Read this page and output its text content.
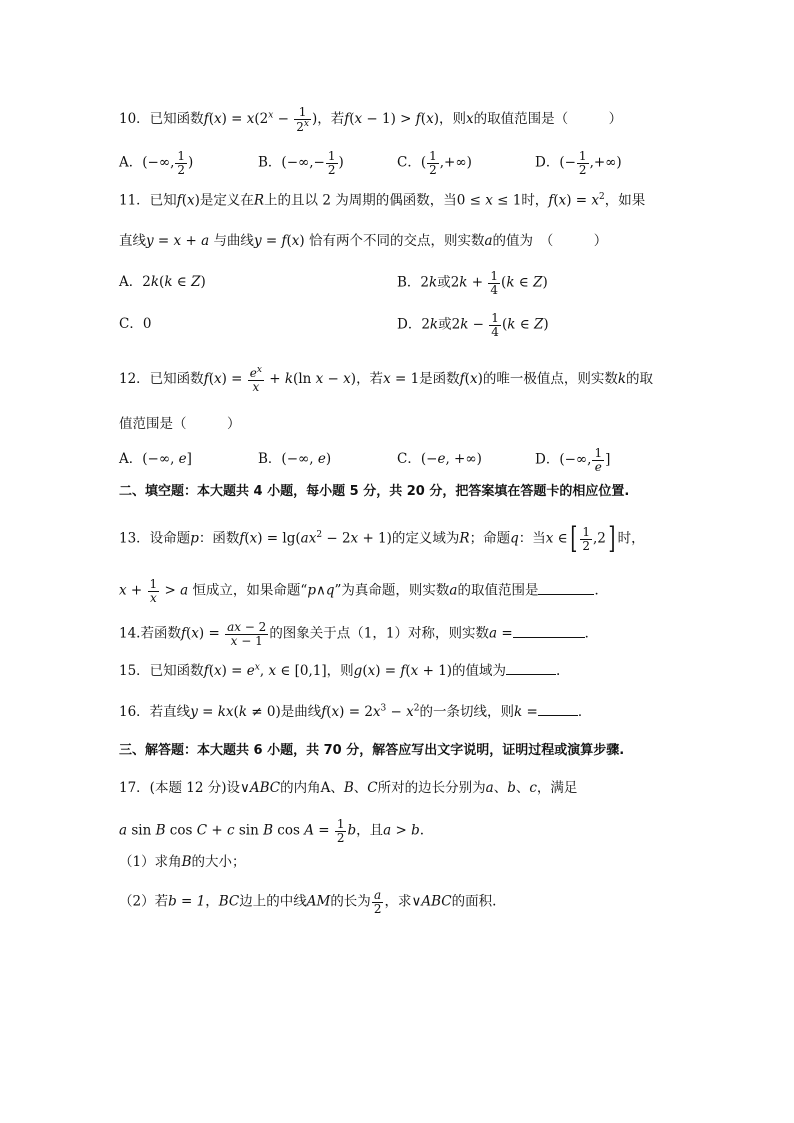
10．已知函数$f(x) = x(2^x - \frac{1}{2^x}$ )，若f(x − 1) > f(x)，则x的取值范围是（　　　）
A．(−∞, $\frac{1}{2}$ )	B．(−∞,− $\frac{1}{2}$ )	C．( $\frac{1}{2}$ ,+∞)	D．(− $\frac{1}{2}$ ,+∞)
11．已知f(x)是定义在R上的且以 2 为周期的偶函数，当0 ≤ x ≤ 1时，$f(x) = x^2$，如果
直线y = x + a 与曲线y = f(x) 恰有两个不同的交点，则实数a的值为　（　　　）
A．2k(k ∈ Z)	B．2k或$2k + \frac{1}{4} (k$ ∈ Z)
C．0	D．2k或$2k - \frac{1}{4} (k$ ∈ Z)
12．已知函数$f(x) = \frac{e^x}{x} + k(\ln$ x − x)，若x = 1是函数f(x)的唯一极值点，则实数k的取
值范围是（　　　）
A．(−∞, e]	B．(−∞, e)	C．(−e, +∞)	D．(−∞, $\frac{1}{e}$ ]
二、填空题：本大题共 4 小题，每小题 5 分，共 20 分，把答案填在答题卡的相应位置.
13．设命题p：函数$f(x) = \lg(ax^2 - 2x + 1)$的定义域为R；命题q：当x ∈[ $\frac{1}{2} ,2$] 时，
$x + \frac{1}{x} > a$ 恒成立，如果命题“p∧q”为真命题，则实数a的取值范围是	．
14.若函数$f(x) = \frac{ax - 2}{x - 1}$ 的图象关于点（1，1）对称，则实数a =	．
15．已知函数$f(x) = e^x$, x ∈ [0,1]，则g(x) = f(x + 1)的值域为	.
16．若直线y = kx(k ≠ 0)是曲线$f(x) = 2x^3 - x^2$的一条切线，则k =	．
三、解答题：本大题共 6 小题，共 70 分，解答应写出文字说明，证明过程或演算步骤.
17．(本题 12 分)设∨ABC的内角A、B、C所对的边长分别为a、b、c，满足
a sin B cos C + c sin B $\cos A = \frac{1}{2}$ b，且a > b.
（1）求角B的大小；
（2）若b = 1，BC边上的中线AM的长为 $\frac{a}{2}$ ，求∨ABC的面积.
